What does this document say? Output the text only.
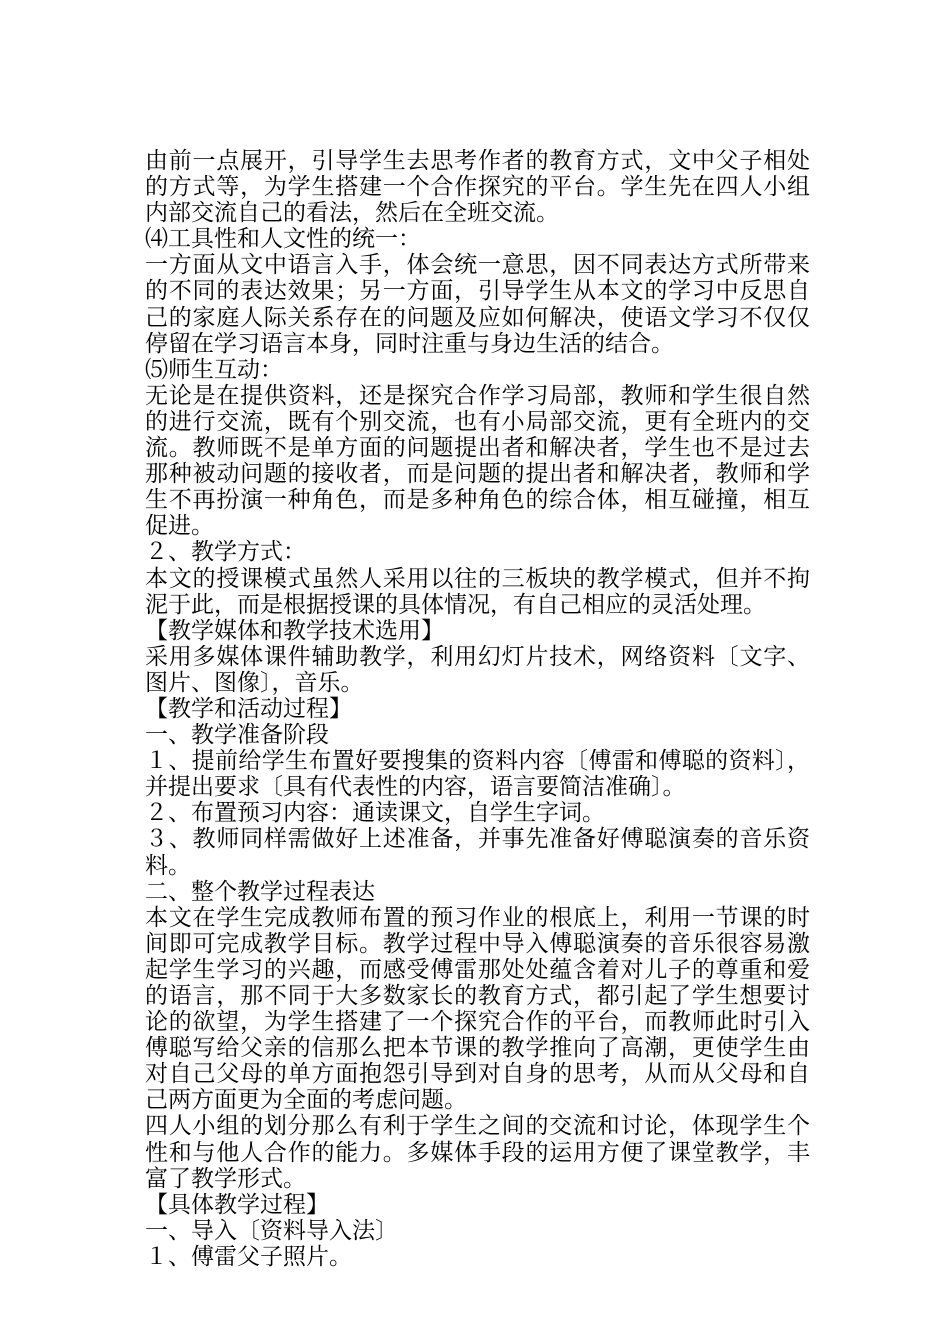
由前一点展开，引导学生去思考作者的教育方式，文中父子相处的方式等，为学生搭建一个合作探究的平台。学生先在四人小组内部交流自己的看法，然后在全班交流。

⑷工具性和人文性的统一：

一方面从文中语言入手，体会统一意思，因不同表达方式所带来的不同的表达效果；另一方面，引导学生从本文的学习中反思自己的家庭人际关系存在的问题及应如何解决，使语文学习不仅仅停留在学习语言本身，同时注重与身边生活的结合。

⑸师生互动：

无论是在提供资料，还是探究合作学习局部，教师和学生很自然的进行交流，既有个别交流，也有小局部交流，更有全班内的交流。教师既不是单方面的问题提出者和解决者，学生也不是过去那种被动问题的接收者，而是问题的提出者和解决者，教师和学生不再扮演一种角色，而是多种角色的综合体，相互碰撞，相互促进。

２、教学方式：

本文的授课模式虽然人采用以往的三板块的教学模式，但并不拘泥于此，而是根据授课的具体情况，有自己相应的灵活处理。

【教学媒体和教学技术选用】

采用多媒体课件辅助教学，利用幻灯片技术，网络资料〔文字、图片、图像〕，音乐。

【教学和活动过程】

一、教学准备阶段

１、提前给学生布置好要搜集的资料内容〔傅雷和傅聪的资料〕，并提出要求〔具有代表性的内容，语言要简洁准确〕。

２、布置预习内容：通读课文，自学生字词。

３、教师同样需做好上述准备，并事先准备好傅聪演奏的音乐资料。

二、整个教学过程表达

本文在学生完成教师布置的预习作业的根底上，利用一节课的时间即可完成教学目标。教学过程中导入傅聪演奏的音乐很容易激起学生学习的兴趣，而感受傅雷那处处蕴含着对儿子的尊重和爱的语言，那不同于大多数家长的教育方式，都引起了学生想要讨论的欲望，为学生搭建了一个探究合作的平台，而教师此时引入傅聪写给父亲的信那么把本节课的教学推向了高潮，更使学生由对自己父母的单方面抱怨引导到对自身的思考，从而从父母和自己两方面更为全面的考虑问题。

四人小组的划分那么有利于学生之间的交流和讨论，体现学生个性和与他人合作的能力。多媒体手段的运用方便了课堂教学，丰富了教学形式。

【具体教学过程】

一、导入〔资料导入法〕

１、傅雷父子照片。
